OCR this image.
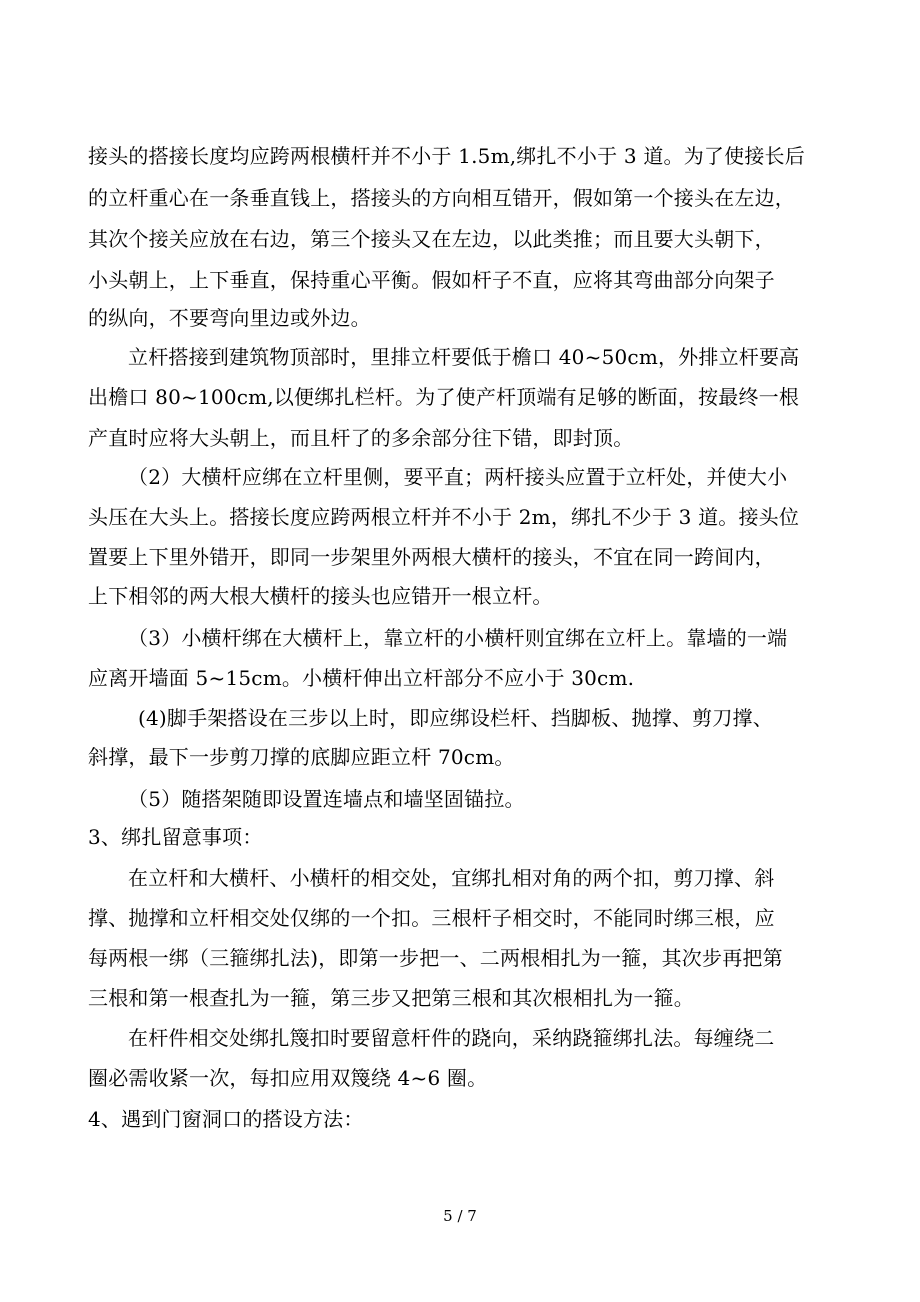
接头的搭接长度均应跨两根横杆并不小于 1.5m,绑扎不小于 3 道。为了使接长后
的立杆重心在一条垂直钱上，搭接头的方向相互错开，假如第一个接头在左边，
其次个接关应放在右边，第三个接头又在左边，以此类推；而且要大头朝下，
小头朝上，上下垂直，保持重心平衡。假如杆子不直，应将其弯曲部分向架子
的纵向，不要弯向里边或外边。
立杆搭接到建筑物顶部时，里排立杆要低于檐口 40~50cm，外排立杆要高
出檐口 80~100cm,以便绑扎栏杆。为了使产杆顶端有足够的断面，按最终一根
产直时应将大头朝上，而且杆了的多余部分往下错，即封顶。
（2）大横杆应绑在立杆里侧，要平直；两杆接头应置于立杆处，并使大小
头压在大头上。搭接长度应跨两根立杆并不小于 2m，绑扎不少于 3 道。接头位
置要上下里外错开，即同一步架里外两根大横杆的接头，不宜在同一跨间内，
上下相邻的两大根大横杆的接头也应错开一根立杆。
（3）小横杆绑在大横杆上，靠立杆的小横杆则宜绑在立杆上。靠墙的一端
应离开墙面 5~15cm。小横杆伸出立杆部分不应小于 30cm.
(4)脚手架搭设在三步以上时，即应绑设栏杆、挡脚板、抛撑、剪刀撑、
斜撑，最下一步剪刀撑的底脚应距立杆 70cm。
（5）随搭架随即设置连墙点和墙坚固锚拉。
3、绑扎留意事项：
在立杆和大横杆、小横杆的相交处，宜绑扎相对角的两个扣，剪刀撑、斜
撑、抛撑和立杆相交处仅绑的一个扣。三根杆子相交时，不能同时绑三根，应
每两根一绑（三箍绑扎法)，即第一步把一、二两根相扎为一箍，其次步再把第
三根和第一根查扎为一箍，第三步又把第三根和其次根相扎为一箍。
在杆件相交处绑扎篾扣时要留意杆件的跷向，采纳跷箍绑扎法。每缠绕二
圈必需收紧一次，每扣应用双篾绕 4~6 圈。
4、遇到门窗洞口的搭设方法：
5 / 7
